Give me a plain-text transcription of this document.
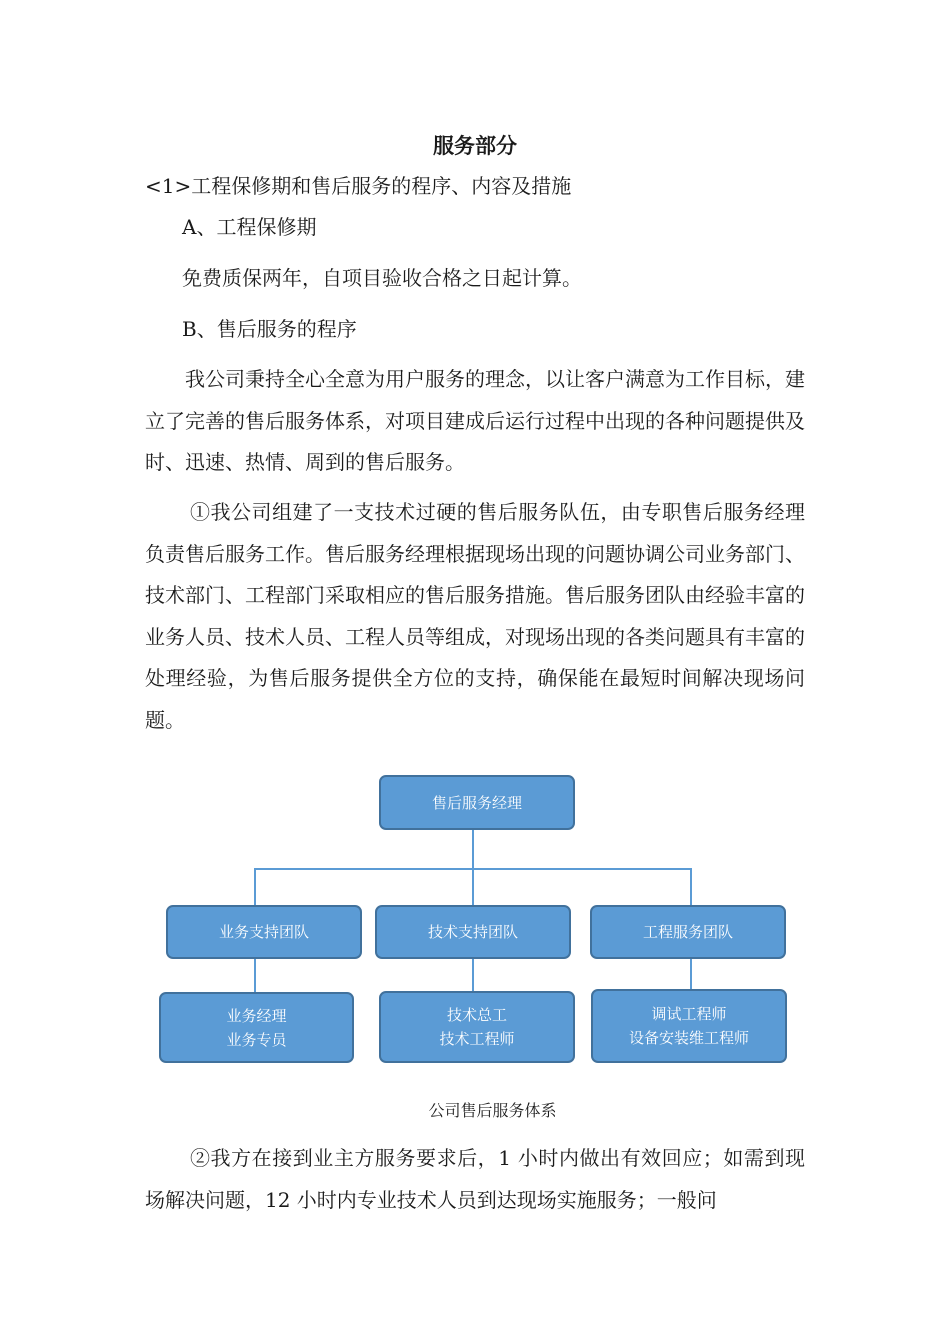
服务部分
<1>工程保修期和售后服务的程序、内容及措施
A、工程保修期
免费质保两年，自项目验收合格之日起计算。
B、售后服务的程序

我公司秉持全心全意为用户服务的理念，以让客户满意为工作目标，建立了完善的售后服务体系，对项目建成后运行过程中出现的各种问题提供及时、迅速、热情、周到的售后服务。

①我公司组建了一支技术过硬的售后服务队伍，由专职售后服务经理负责售后服务工作。售后服务经理根据现场出现的问题协调公司业务部门、技术部门、工程部门采取相应的售后服务措施。售后服务团队由经验丰富的业务人员、技术人员、工程人员等组成，对现场出现的各类问题具有丰富的处理经验，为售后服务提供全方位的支持，确保能在最短时间解决现场问题。

售后服务经理
业务支持团队	技术支持团队	工程服务团队
业务经理
业务专员
技术总工
技术工程师
调试工程师
设备安装维工程师
公司售后服务体系

②我方在接到业主方服务要求后，1 小时内做出有效回应；如需到现场解决问题，12 小时内专业技术人员到达现场实施服务；一般问
